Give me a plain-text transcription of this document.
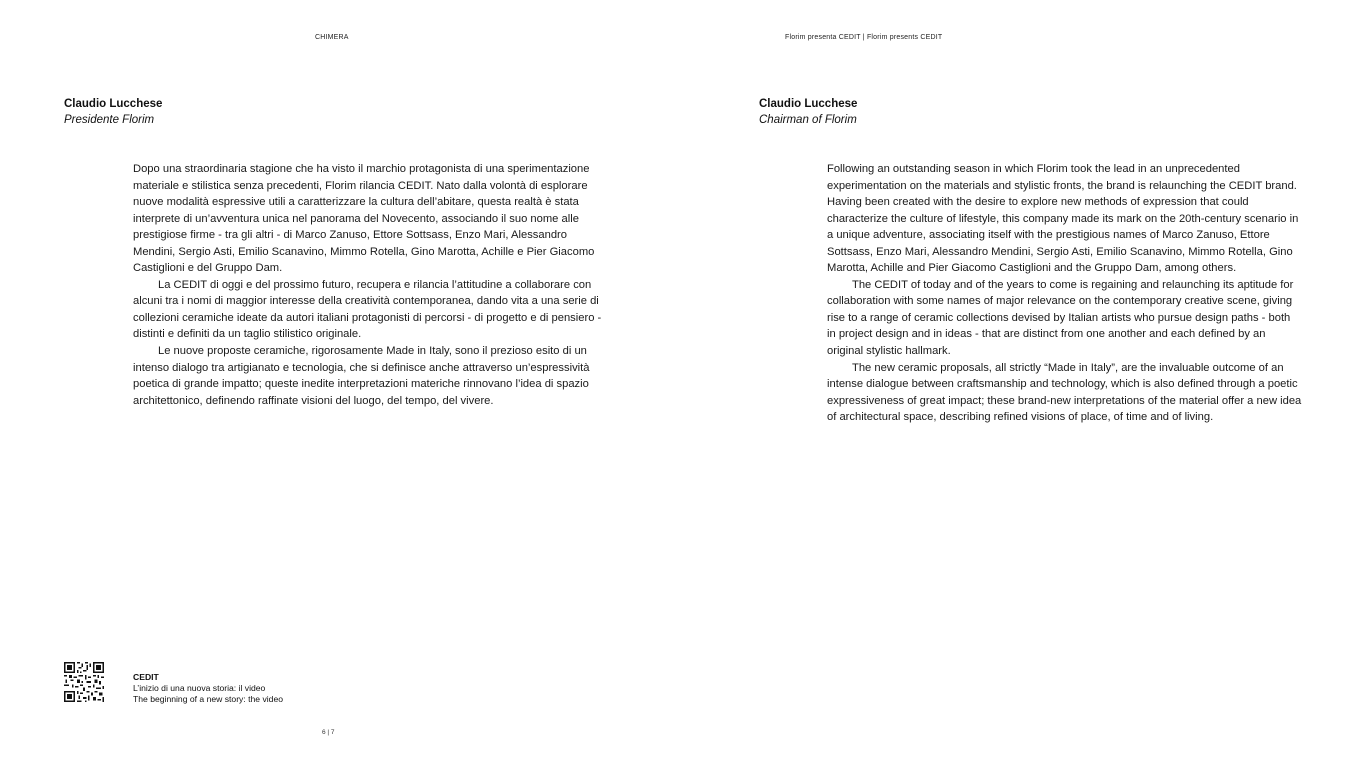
CHIMERA	Florim presenta CEDIT | Florim presents CEDIT
Claudio Lucchese
Presidente Florim
Claudio Lucchese
Chairman of Florim

Dopo una straordinaria stagione che ha visto il marchio protagonista di una sperimentazione materiale e stilistica senza precedenti, Florim rilancia CEDIT. Nato dalla volontà di esplorare nuove modalità espressive utili a caratterizzare la cultura dell’abitare, questa realtà è stata interprete di un’avventura unica nel panorama del Novecento, associando il suo nome alle prestigiose firme - tra gli altri - di Marco Zanuso, Ettore Sottsass, Enzo Mari, Alessandro Mendini, Sergio Asti, Emilio Scanavino, Mimmo Rotella, Gino Marotta, Achille e Pier Giacomo Castiglioni e del Gruppo Dam.

La CEDIT di oggi e del prossimo futuro, recupera e rilancia l’attitudine a collaborare con alcuni tra i nomi di maggior interesse della creatività contemporanea, dando vita a una serie di collezioni ceramiche ideate da autori italiani protagonisti di percorsi - di progetto e di pensiero - distinti e definiti da un taglio stilistico originale.

Le nuove proposte ceramiche, rigorosamente Made in Italy, sono il prezioso esito di un intenso dialogo tra artigianato e tecnologia, che si definisce anche attraverso un’espressività poetica di grande impatto; queste inedite interpretazioni materiche rinnovano l’idea di spazio architettonico, definendo raffinate visioni del luogo, del tempo, del vivere.

Following an outstanding season in which Florim took the lead in an unprecedented experimentation on the materials and stylistic fronts, the brand is relaunching the CEDIT brand. Having been created with the desire to explore new methods of expression that could characterize the culture of lifestyle, this company made its mark on the 20th-century scenario in a unique adventure, associating itself with the prestigious names of Marco Zanuso, Ettore Sottsass, Enzo Mari, Alessandro Mendini, Sergio Asti, Emilio Scanavino, Mimmo Rotella, Gino Marotta, Achille and Pier Giacomo Castiglioni and the Gruppo Dam, among others.

The CEDIT of today and of the years to come is regaining and relaunching its aptitude for collaboration with some names of major relevance on the contemporary creative scene, giving rise to a range of ceramic collections devised by Italian artists who pursue design paths - both in project design and in ideas - that are distinct from one another and each defined by an original stylistic hallmark.

The new ceramic proposals, all strictly “Made in Italy”, are the invaluable outcome of an intense dialogue between craftsmanship and technology, which is also defined through a poetic expressiveness of great impact; these brand-new interpretations of the material offer a new idea of architectural space, describing refined visions of place, of time and of living.

CEDIT
L’inizio di una nuova storia: il video
The beginning of a new story: the video
6 | 7
